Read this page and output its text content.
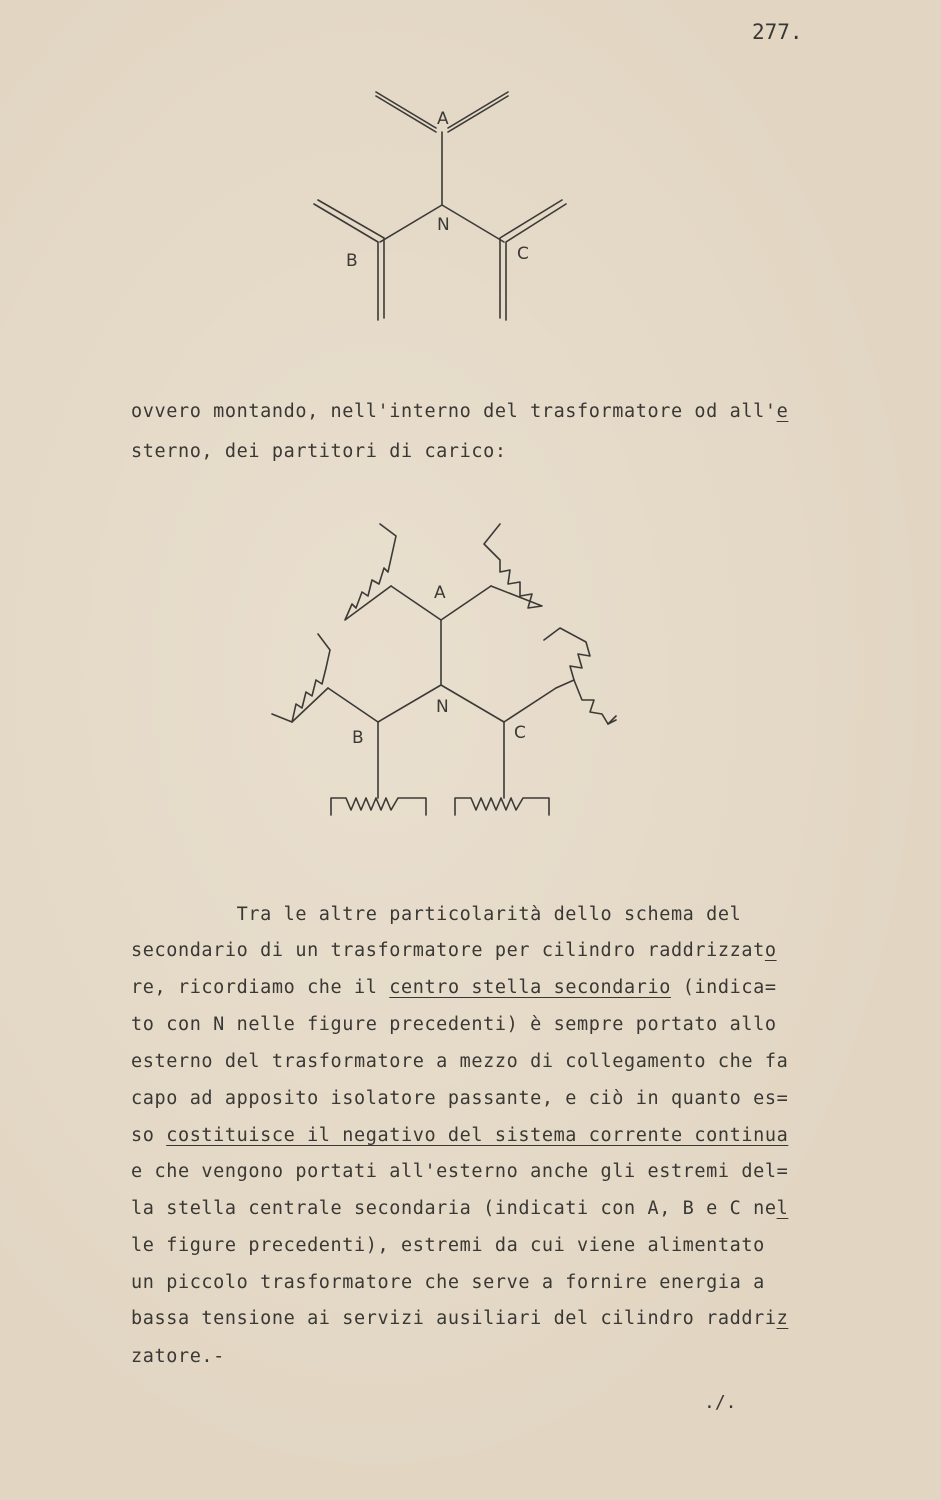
277.
A
N
B	C
ovvero montando, nell'interno del trasformatore od all'e
sterno, dei partitori di carico:
A
N
B	C
Tra le altre particolarità dello schema del
secondario di un trasformatore per cilindro raddrizzato
re, ricordiamo che il centro stella secondario (indica=
to con N nelle figure precedenti) è sempre portato allo
esterno del trasformatore a mezzo di collegamento che fa
capo ad apposito isolatore passante, e ciò in quanto es=
so costituisce il negativo del sistema corrente continua
e che vengono portati all'esterno anche gli estremi del=
la stella centrale secondaria (indicati con A, B e C nel
le figure precedenti), estremi da cui viene alimentato
un piccolo trasformatore che serve a fornire energia a
bassa tensione ai servizi ausiliari del cilindro raddriz
zatore.-
./.
